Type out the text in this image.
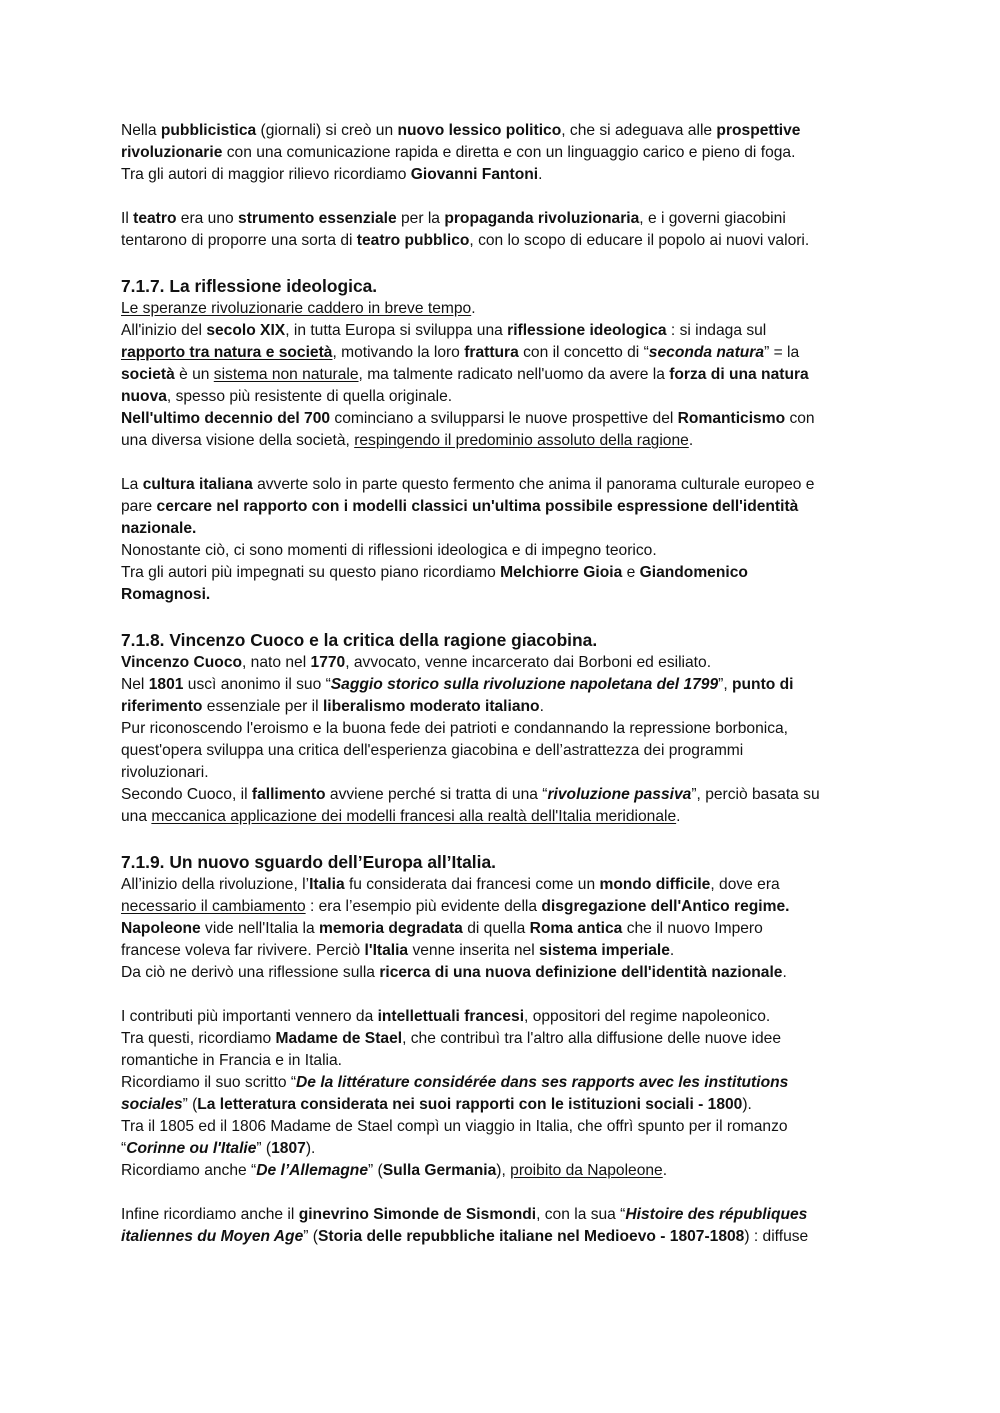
Nella pubblicistica (giornali) si creò un nuovo lessico politico, che si adeguava alle prospettive
rivoluzionarie con una comunicazione rapida e diretta e con un linguaggio carico e pieno di foga.
Tra gli autori di maggior rilievo ricordiamo Giovanni Fantoni.
Il teatro era uno strumento essenziale per la propaganda rivoluzionaria, e i governi giacobini
tentarono di proporre una sorta di teatro pubblico, con lo scopo di educare il popolo ai nuovi valori.
7.1.7. La riflessione ideologica.
Le speranze rivoluzionarie caddero in breve tempo.
All'inizio del secolo XIX, in tutta Europa si sviluppa una riflessione ideologica : si indaga sul
rapporto tra natura e società, motivando la loro frattura con il concetto di “seconda natura” = la
società è un sistema non naturale, ma talmente radicato nell'uomo da avere la forza di una natura
nuova, spesso più resistente di quella originale.
Nell'ultimo decennio del 700 cominciano a svilupparsi le nuove prospettive del Romanticismo con
una diversa visione della società, respingendo il predominio assoluto della ragione.
La cultura italiana avverte solo in parte questo fermento che anima il panorama culturale europeo e
pare cercare nel rapporto con i modelli classici un'ultima possibile espressione dell'identità
nazionale.
Nonostante ciò, ci sono momenti di riflessioni ideologica e di impegno teorico.
Tra gli autori più impegnati su questo piano ricordiamo Melchiorre Gioia e Giandomenico
Romagnosi.
7.1.8. Vincenzo Cuoco e la critica della ragione giacobina.
Vincenzo Cuoco, nato nel 1770, avvocato, venne incarcerato dai Borboni ed esiliato.
Nel 1801 uscì anonimo il suo “Saggio storico sulla rivoluzione napoletana del 1799”, punto di
riferimento essenziale per il liberalismo moderato italiano.
Pur riconoscendo l'eroismo e la buona fede dei patrioti e condannando la repressione borbonica,
quest'opera sviluppa una critica dell'esperienza giacobina e dell’astrattezza dei programmi
rivoluzionari.
Secondo Cuoco, il fallimento avviene perché si tratta di una “rivoluzione passiva”, perciò basata su
una meccanica applicazione dei modelli francesi alla realtà dell'Italia meridionale.
7.1.9. Un nuovo sguardo dell’Europa all’Italia.
All’inizio della rivoluzione, l’Italia fu considerata dai francesi come un mondo difficile, dove era
necessario il cambiamento : era l’esempio più evidente della disgregazione dell'Antico regime.
Napoleone vide nell'Italia la memoria degradata di quella Roma antica che il nuovo Impero
francese voleva far rivivere. Perciò l'Italia venne inserita nel sistema imperiale.
Da ciò ne derivò una riflessione sulla ricerca di una nuova definizione dell'identità nazionale.
I contributi più importanti vennero da intellettuali francesi, oppositori del regime napoleonico.
Tra questi, ricordiamo Madame de Stael, che contribuì tra l'altro alla diffusione delle nuove idee
romantiche in Francia e in Italia.
Ricordiamo il suo scritto “De la littérature considérée dans ses rapports avec les institutions
sociales” (La letteratura considerata nei suoi rapporti con le istituzioni sociali - 1800).
Tra il 1805 ed il 1806 Madame de Stael compì un viaggio in Italia, che offrì spunto per il romanzo
“Corinne ou l'Italie” (1807).
Ricordiamo anche “De l’Allemagne” (Sulla Germania), proibito da Napoleone.
Infine ricordiamo anche il ginevrino Simonde de Sismondi, con la sua “Histoire des républiques
italiennes du Moyen Age” (Storia delle repubbliche italiane nel Medioevo - 1807-1808) : diffuse
